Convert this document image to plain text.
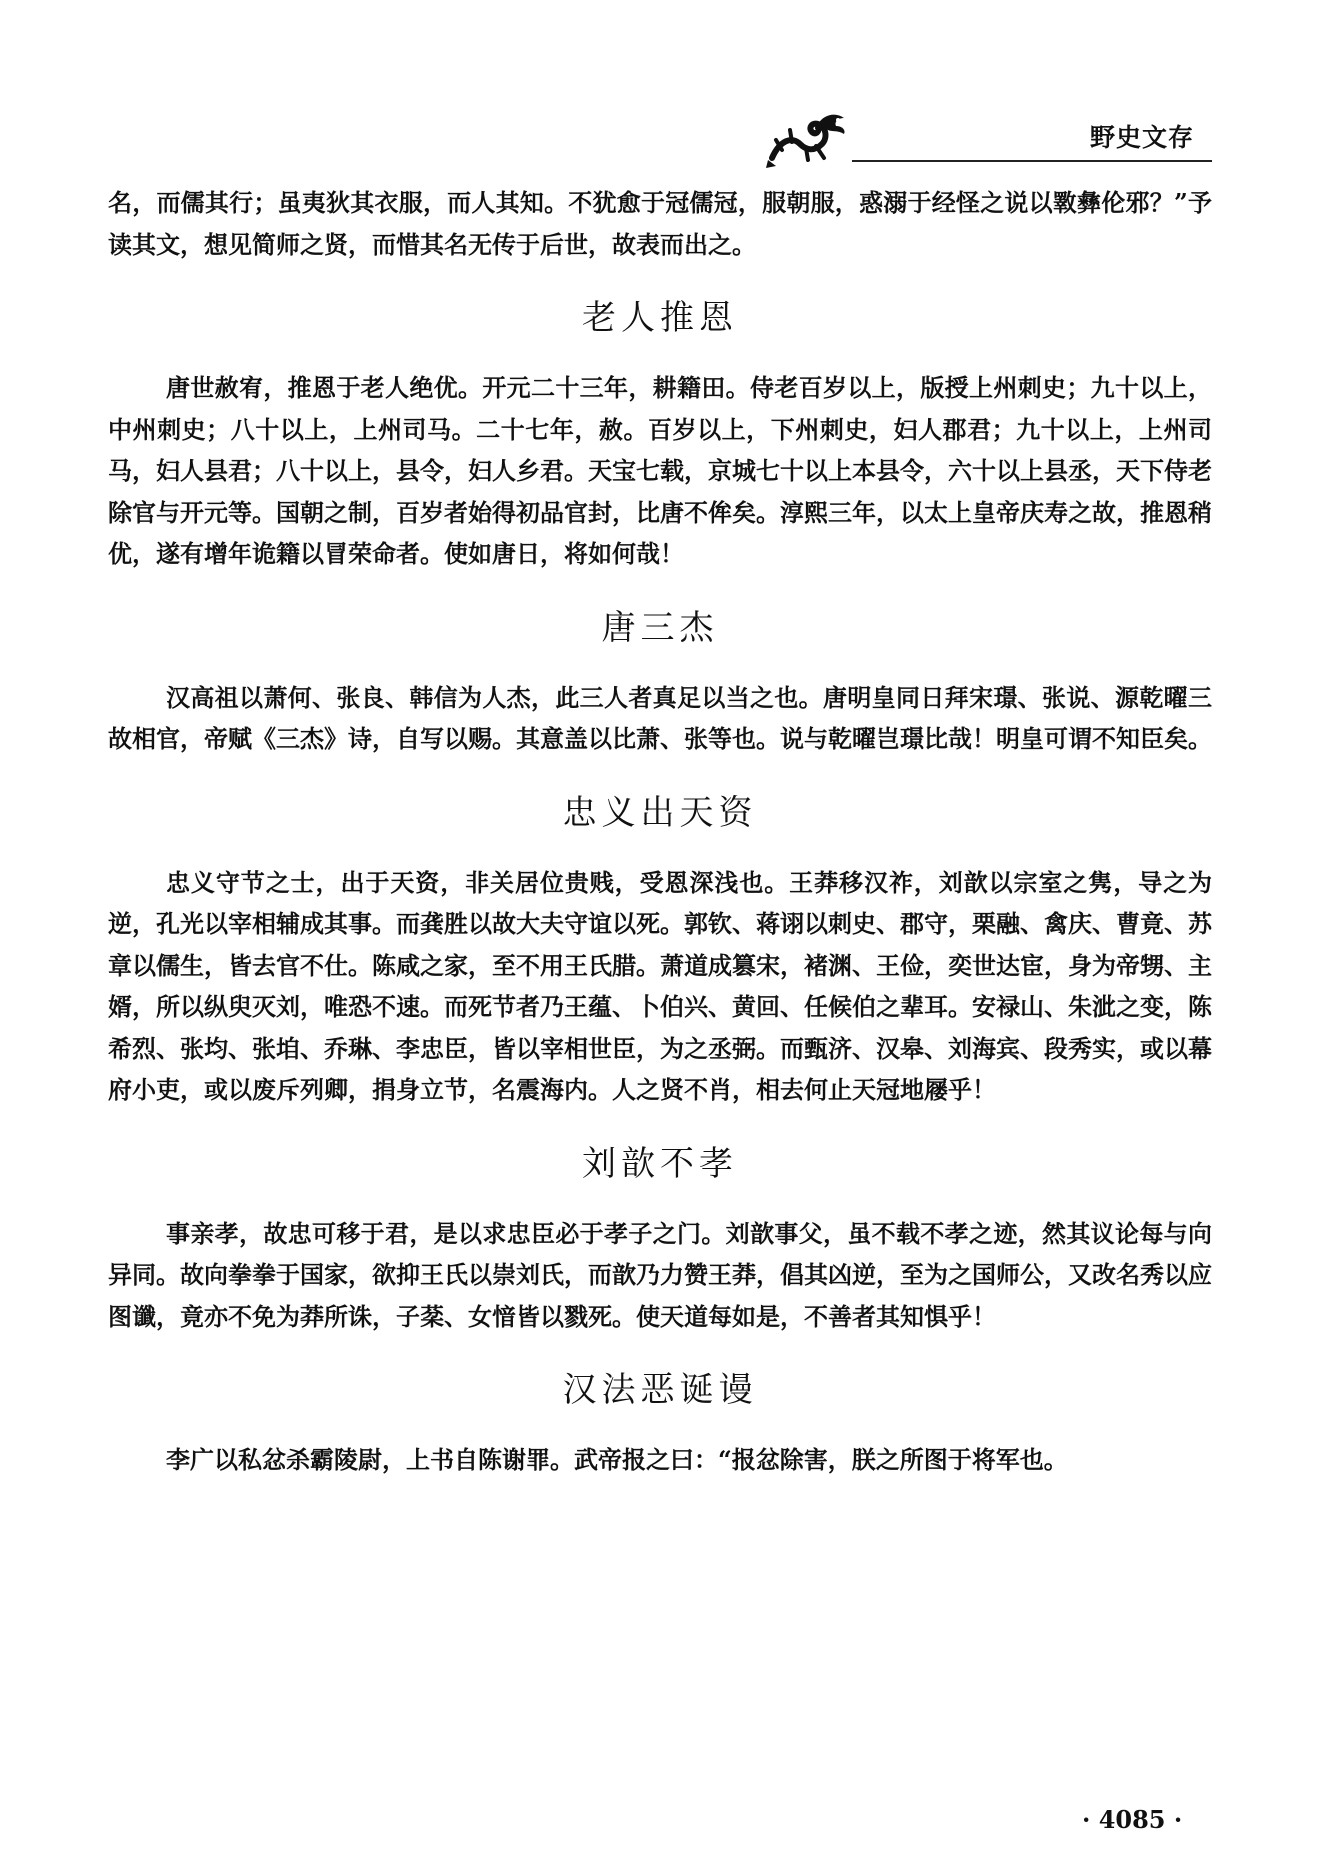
野史文存

名，而儒其行；虽夷狄其衣服，而人其知。不犹愈于冠儒冠，服朝服，惑溺于经怪之说以斁彝伦邪？”予读其文，想见简师之贤，而惜其名无传于后世，故表而出之。

老人推恩

唐世赦宥，推恩于老人绝优。开元二十三年，耕籍田。侍老百岁以上，版授上州刺史；九十以上，中州刺史；八十以上，上州司马。二十七年，赦。百岁以上，下州刺史，妇人郡君；九十以上，上州司马，妇人县君；八十以上，县令，妇人乡君。天宝七载，京城七十以上本县令，六十以上县丞，天下侍老除官与开元等。国朝之制，百岁者始得初品官封，比唐不侔矣。淳熙三年，以太上皇帝庆寿之故，推恩稍优，遂有增年诡籍以冒荣命者。使如唐日，将如何哉！

唐三杰

汉高祖以萧何、张良、韩信为人杰，此三人者真足以当之也。唐明皇同日拜宋璟、张说、源乾曜三故相官，帝赋《三杰》诗，自写以赐。其意盖以比萧、张等也。说与乾曜岂璟比哉！明皇可谓不知臣矣。

忠义出天资

忠义守节之士，出于天资，非关居位贵贱，受恩深浅也。王莽移汉祚，刘歆以宗室之隽，导之为逆，孔光以宰相辅成其事。而龚胜以故大夫守谊以死。郭钦、蒋诩以刺史、郡守，栗融、禽庆、曹竟、苏章以儒生，皆去官不仕。陈咸之家，至不用王氏腊。萧道成篡宋，褚渊、王俭，奕世达宦，身为帝甥、主婿，所以纵臾灭刘，唯恐不速。而死节者乃王蕴、卜伯兴、黄回、任候伯之辈耳。安禄山、朱泚之变，陈希烈、张均、张垍、乔琳、李忠臣，皆以宰相世臣，为之丞弼。而甄济、汉皋、刘海宾、段秀实，或以幕府小吏，或以废斥列卿，捐身立节，名震海内。人之贤不肖，相去何止天冠地屦乎！

刘歆不孝

事亲孝，故忠可移于君，是以求忠臣必于孝子之门。刘歆事父，虽不载不孝之迹，然其议论每与向异同。故向拳拳于国家，欲抑王氏以崇刘氏，而歆乃力赞王莽，倡其凶逆，至为之国师公，又改名秀以应图谶，竟亦不免为莽所诛，子棻、女愔皆以戮死。使天道每如是，不善者其知惧乎！

汉法恶诞谩

李广以私忿杀霸陵尉，上书自陈谢罪。武帝报之曰：“报忿除害，朕之所图于将军也。

· 4085 ·
